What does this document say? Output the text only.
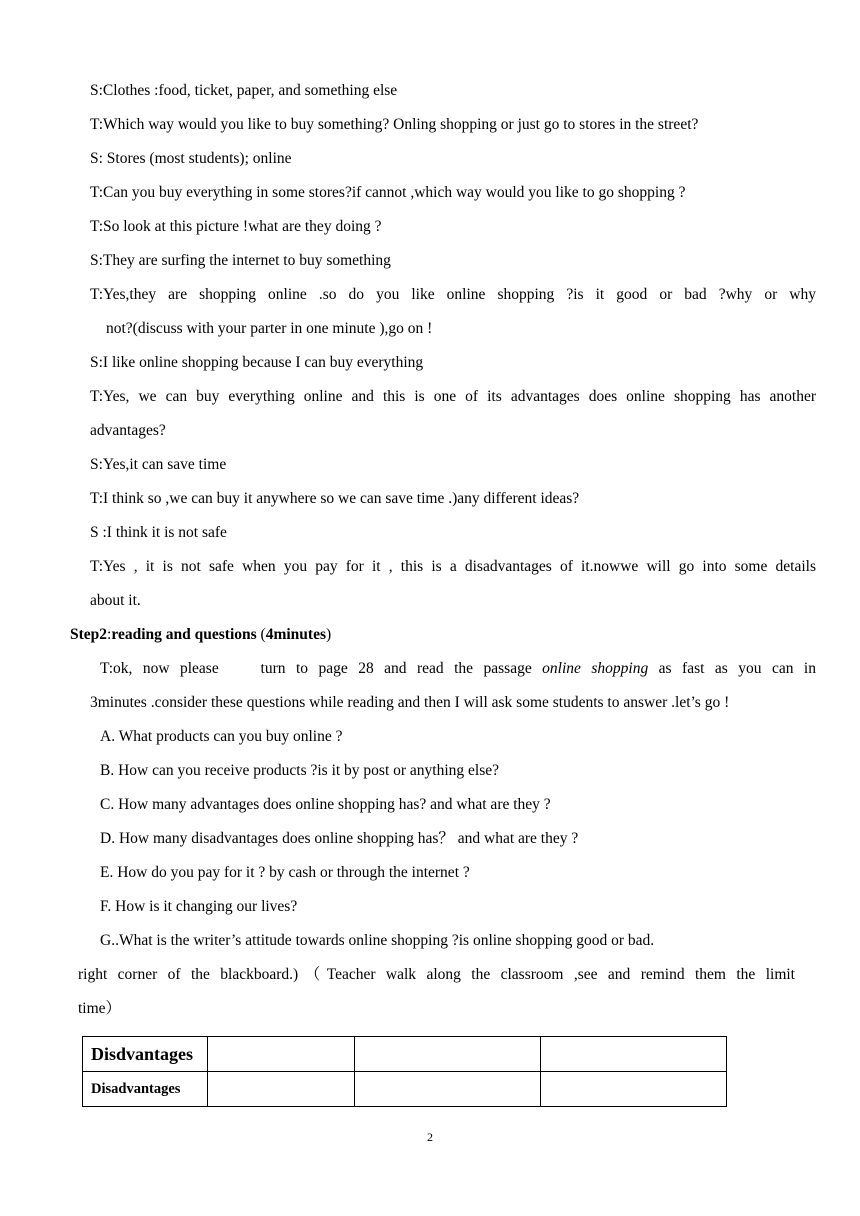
S:Clothes :food, ticket, paper, and something else
T:Which way would you like to buy something? Onling shopping or just go to stores in the street?
S: Stores (most students); online
T:Can you buy everything in some stores?if cannot ,which way would you like to go shopping ?
T:So look at this picture !what are they doing ?
S:They are surfing the internet to buy something
T:Yes,they are shopping online .so do you like online shopping ?is it good or bad ?why or why
not?(discuss with your parter in one minute ),go on !
S:I like online shopping because I can buy everything
T:Yes, we can buy everything online and this is one of its advantages does online shopping has another
advantages?
S:Yes,it can save time
T:I think so ,we can buy it anywhere so we can save time .)any different ideas?
S :I think it is not safe
T:Yes , it is not safe when you pay for it , this is a disadvantages of it.nowwe will go into some details
about it.
Step2:reading and questions (4minutes)
T:ok, now please    turn to page 28 and read the passage online shopping as fast as you can in
3minutes .consider these questions while reading and then I will ask some students to answer .let’s go !
A. What products can you buy online ?
B. How can you receive products ?is it by post or anything else?
C. How many advantages does online shopping has? and what are they ?
D. How many disadvantages does online shopping has？ and what are they ?
E. How do you pay for it ? by cash or through the internet ?
F. How is it changing our lives?
G..What is the writer’s attitude towards online shopping ?is online shopping good or bad.
right corner of the blackboard.)（Teacher walk along the classroom ,see and remind them the limit
time）
Disdvantages			
Disadvantages			
2
